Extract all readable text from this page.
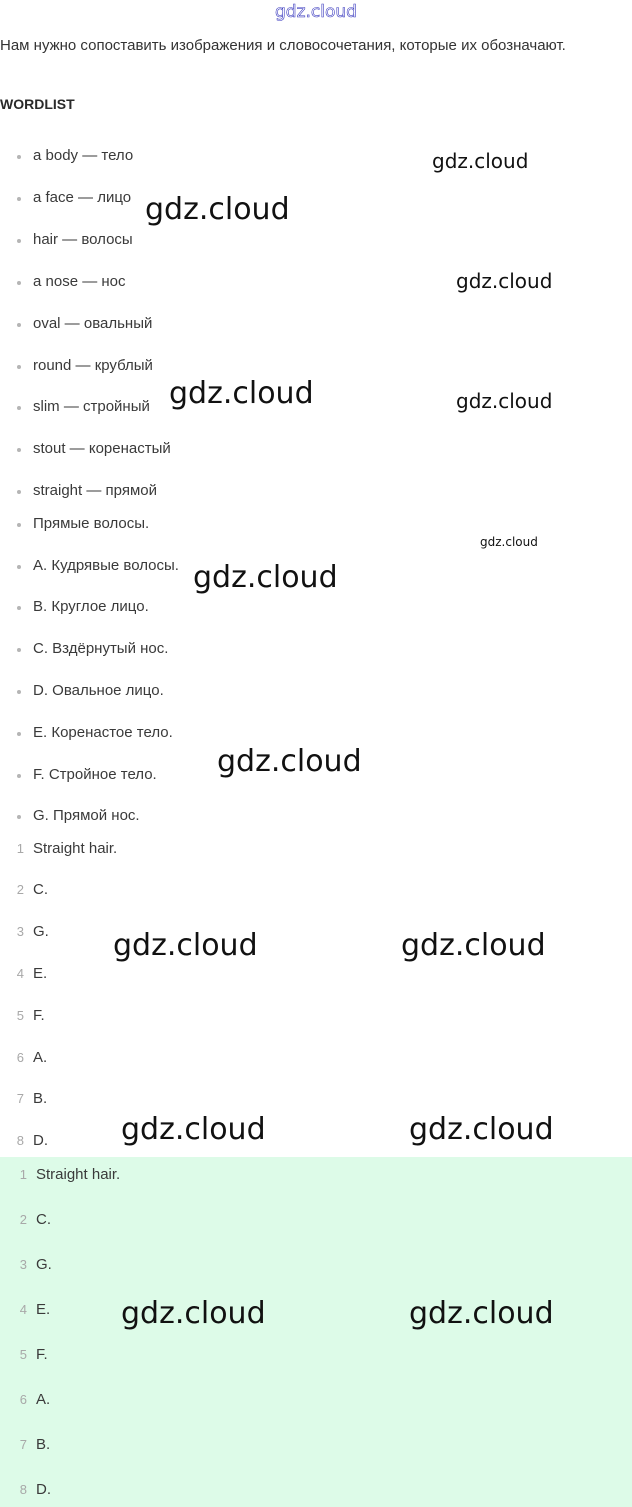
gdz.cloud
Нам нужно сопоставить изображения и словосочетания, которые их обозначают.
WORDLIST
a body — тело
a face — лицо
hair — волосы
a nose — нос
oval — овальный
round — крублый
slim — стройный
stout — коренастый
straight — прямой
Прямые волосы.
A. Кудрявые волосы.
B. Круглое лицо.
C. Вздёрнутый нос.
D. Овальное лицо.
E. Коренастое тело.
F. Стройное тело.
G. Прямой нос.
1 Straight hair.
2 C.
3 G.
4 E.
5 F.
6 A.
7 B.
8 D.
1 Straight hair.
2 C.
3 G.
4 E.
5 F.
6 A.
7 B.
8 D.
gdz.cloud
gdz.cloud
gdz.cloud
gdz.cloud	gdz.cloud
gdz.cloud
gdz.cloud
gdz.cloud
gdz.cloud	gdz.cloud
gdz.cloud	gdz.cloud
gdz.cloud	gdz.cloud
